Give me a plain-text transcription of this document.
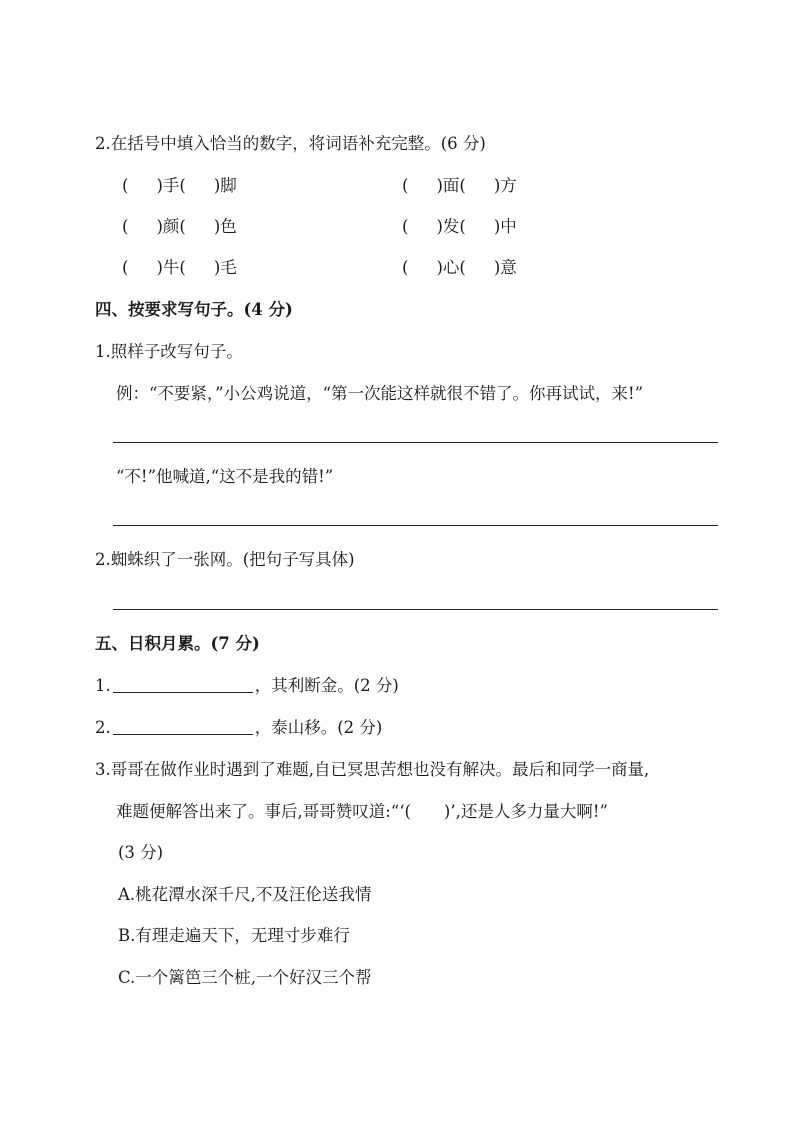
2.在括号中填入恰当的数字，将词语补充完整。(6 分)
( )手( )脚	( )面( )方
( )颜( )色	( )发( )中
( )牛( )毛	( )心( )意
四、按要求写句子。(4 分)
1.照样子改写句子。
例：“不要紧，”小公鸡说道，“第一次能这样就很不错了。你再试试，来!”
“不!”他喊道,“这不是我的错!”
2.蜘蛛织了一张网。(把句子写具体)
五、日积月累。(7 分)
1.	，其利断金。(2 分)
2.	，泰山移。(2 分)
3.哥哥在做作业时遇到了难题,自已冥思苦想也没有解决。最后和同学一商量,
难题便解答出来了。事后,哥哥赞叹道:“‘(　　)’,还是人多力量大啊!”
(3 分)
A.桃花潭水深千尺,不及汪伦送我情
B.有理走遍天下，无理寸步难行
C.一个篱笆三个桩,一个好汉三个帮
